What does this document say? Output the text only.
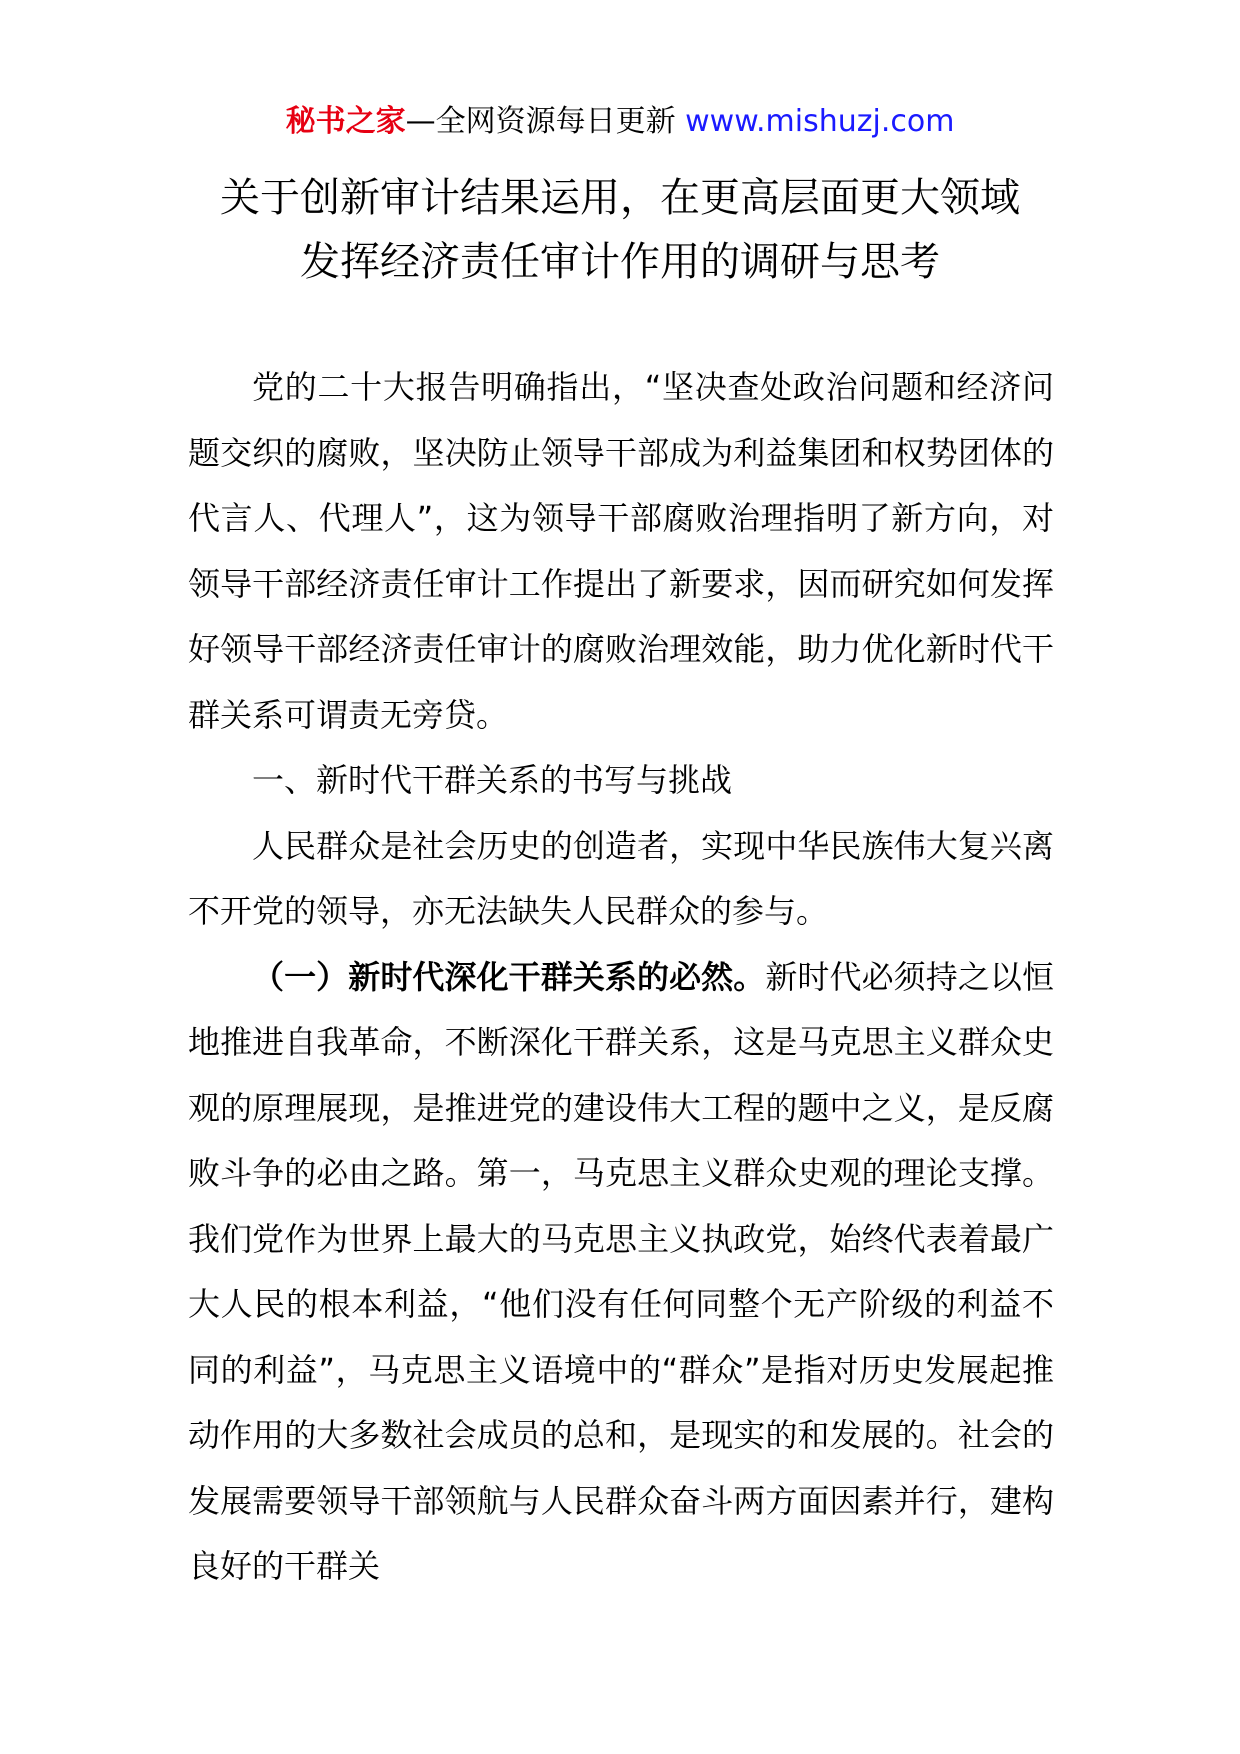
秘书之家—全网资源每日更新 www.mishuzj.com
关于创新审计结果运用，在更高层面更大领域
发挥经济责任审计作用的调研与思考

党的二十大报告明确指出，“坚决查处政治问题和经济问题交织的腐败，坚决防止领导干部成为利益集团和权势团体的代言人、代理人”，这为领导干部腐败治理指明了新方向，对领导干部经济责任审计工作提出了新要求，因而研究如何发挥好领导干部经济责任审计的腐败治理效能，助力优化新时代干群关系可谓责无旁贷。

一、新时代干群关系的书写与挑战

人民群众是社会历史的创造者，实现中华民族伟大复兴离不开党的领导，亦无法缺失人民群众的参与。

（一）新时代深化干群关系的必然。新时代必须持之以恒地推进自我革命，不断深化干群关系，这是马克思主义群众史观的原理展现，是推进党的建设伟大工程的题中之义，是反腐败斗争的必由之路。第一，马克思主义群众史观的理论支撑。我们党作为世界上最大的马克思主义执政党，始终代表着最广大人民的根本利益，“他们没有任何同整个无产阶级的利益不同的利益”，马克思主义语境中的“群众”是指对历史发展起推动作用的大多数社会成员的总和，是现实的和发展的。社会的发展需要领导干部领航与人民群众奋斗两方面因素并行，建构良好的干群关
